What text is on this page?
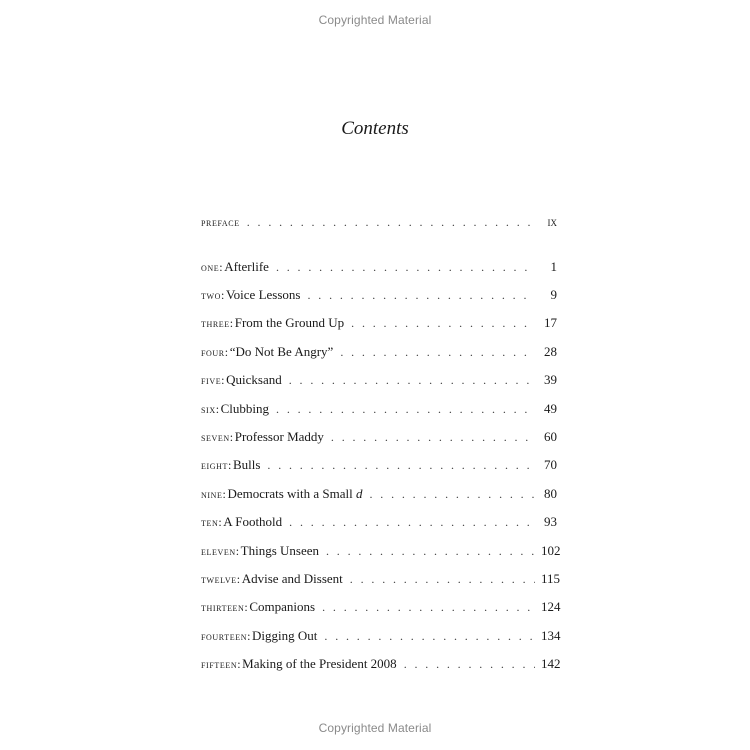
Copyrighted Material
Contents
preface . . .	ix
one: Afterlife . . .	1
two: Voice Lessons . . .	9
three: From the Ground Up . . .	17
four: “Do Not Be Angry” . . .	28
five: Quicksand . . .	39
six: Clubbing . . .	49
seven: Professor Maddy . . .	60
eight: Bulls . . .	70
nine: Democrats with a Small d . . .	80
ten: A Foothold . . .	93
eleven: Things Unseen . . .	102
twelve: Advise and Dissent . . .	115
thirteen: Companions . . .	124
fourteen: Digging Out . . .	134
fifteen: Making of the President 2008 . . .	142
Copyrighted Material
